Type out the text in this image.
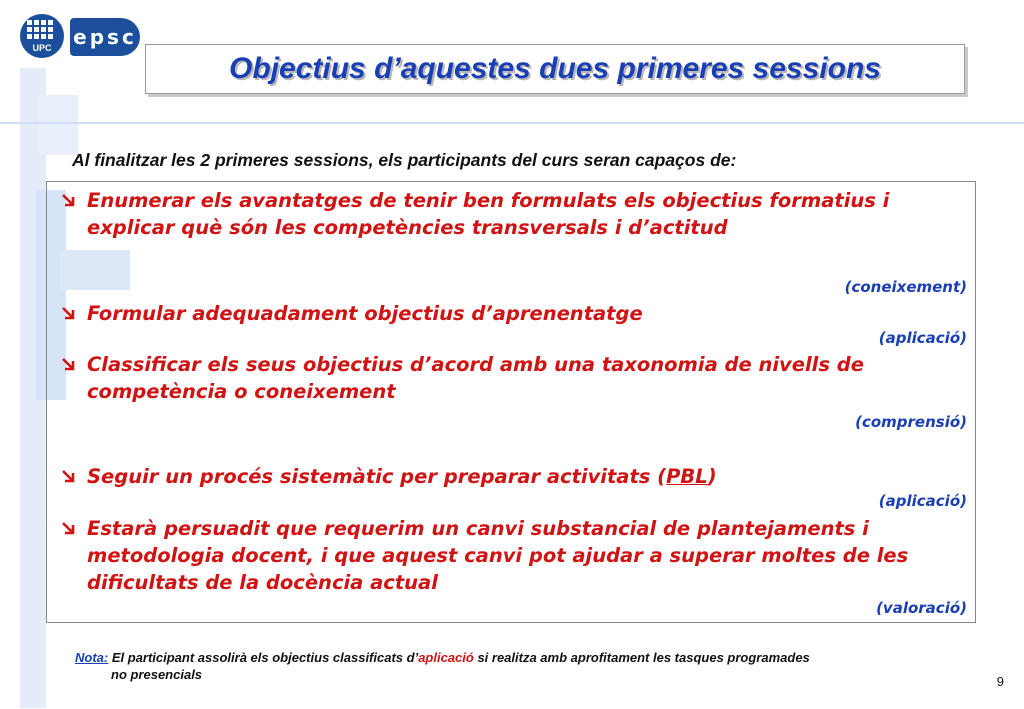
UPC	epsc
Objectius d’aquestes dues primeres sessions
Al finalitzar les 2 primeres sessions, els participants del curs seran capaços de:
Enumerar els avantatges de tenir ben formulats els objectius formatius i explicar què són les competències transversals i d’actitud
(coneixement)
Formular adequadament objectius d’aprenentatge
(aplicació)
Classificar els seus objectius d’acord amb una taxonomia de nivells de competència o coneixement
(comprensió)
Seguir un procés sistemàtic per preparar activitats (PBL)
(aplicació)
Estarà persuadit que requerim un canvi substancial de plantejaments i metodologia docent, i que aquest canvi pot ajudar a superar moltes de les dificultats de la docència actual
(valoració)
Nota: El participant assolirà els objectius classificats d’aplicació si realitza amb aprofitament les tasques programades
no presencials	9
